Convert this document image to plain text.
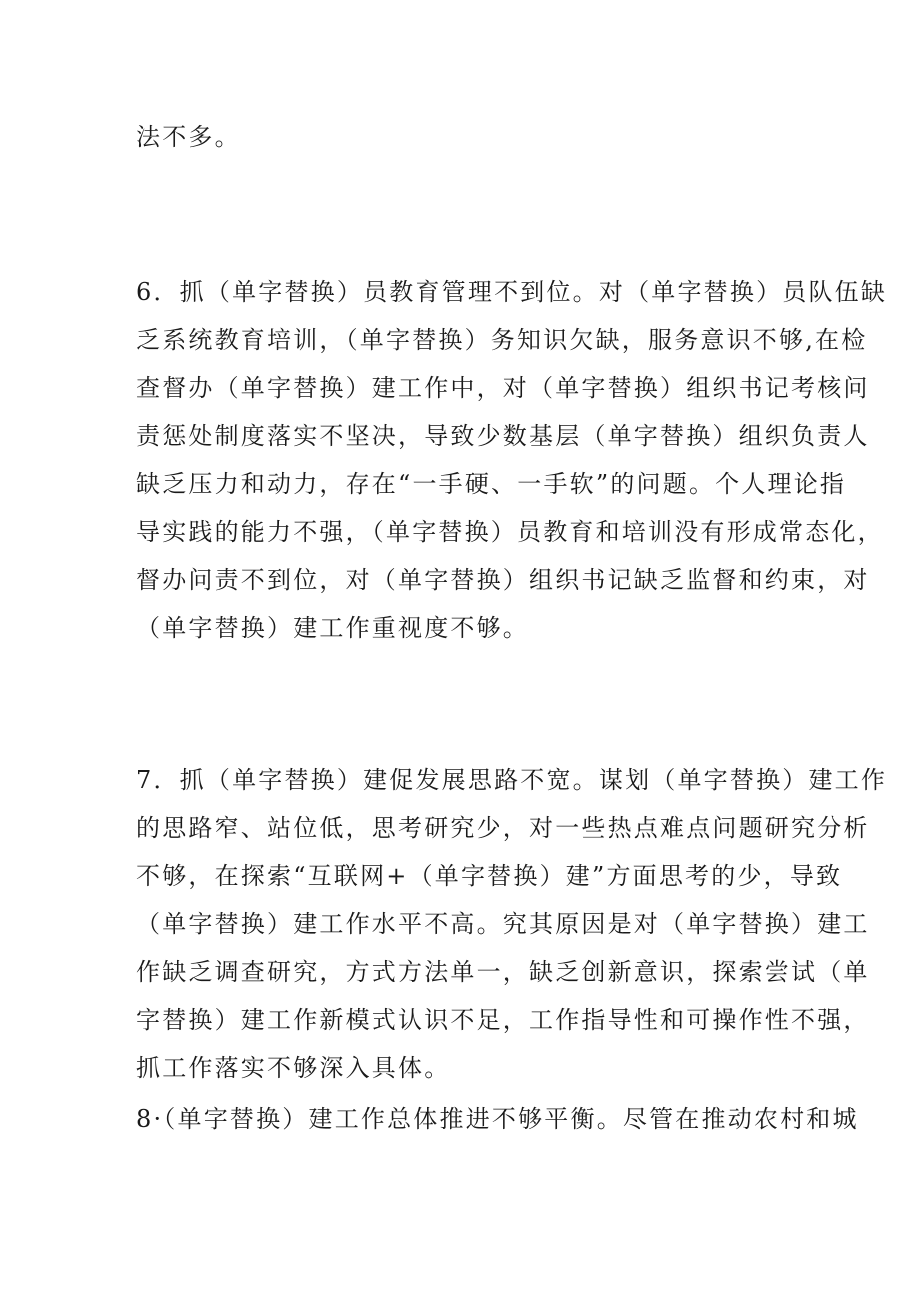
法不多。
6．抓（单字替换）员教育管理不到位。对（单字替换）员队伍缺
乏系统教育培训，（单字替换）务知识欠缺，服务意识不够,在检
查督办（单字替换）建工作中，对（单字替换）组织书记考核问
责惩处制度落实不坚决，导致少数基层（单字替换）组织负责人
缺乏压力和动力，存在“一手硬、一手软”的问题。个人理论指
导实践的能力不强，（单字替换）员教育和培训没有形成常态化，
督办问责不到位，对（单字替换）组织书记缺乏监督和约束，对
（单字替换）建工作重视度不够。
7．抓（单字替换）建促发展思路不宽。谋划（单字替换）建工作
的思路窄、站位低，思考研究少，对一些热点难点问题研究分析
不够，在探索“互联网+（单字替换）建”方面思考的少，导致
（单字替换）建工作水平不高。究其原因是对（单字替换）建工
作缺乏调查研究，方式方法单一，缺乏创新意识，探索尝试（单
字替换）建工作新模式认识不足，工作指导性和可操作性不强，
抓工作落实不够深入具体。
8·（单字替换）建工作总体推进不够平衡。尽管在推动农村和城
